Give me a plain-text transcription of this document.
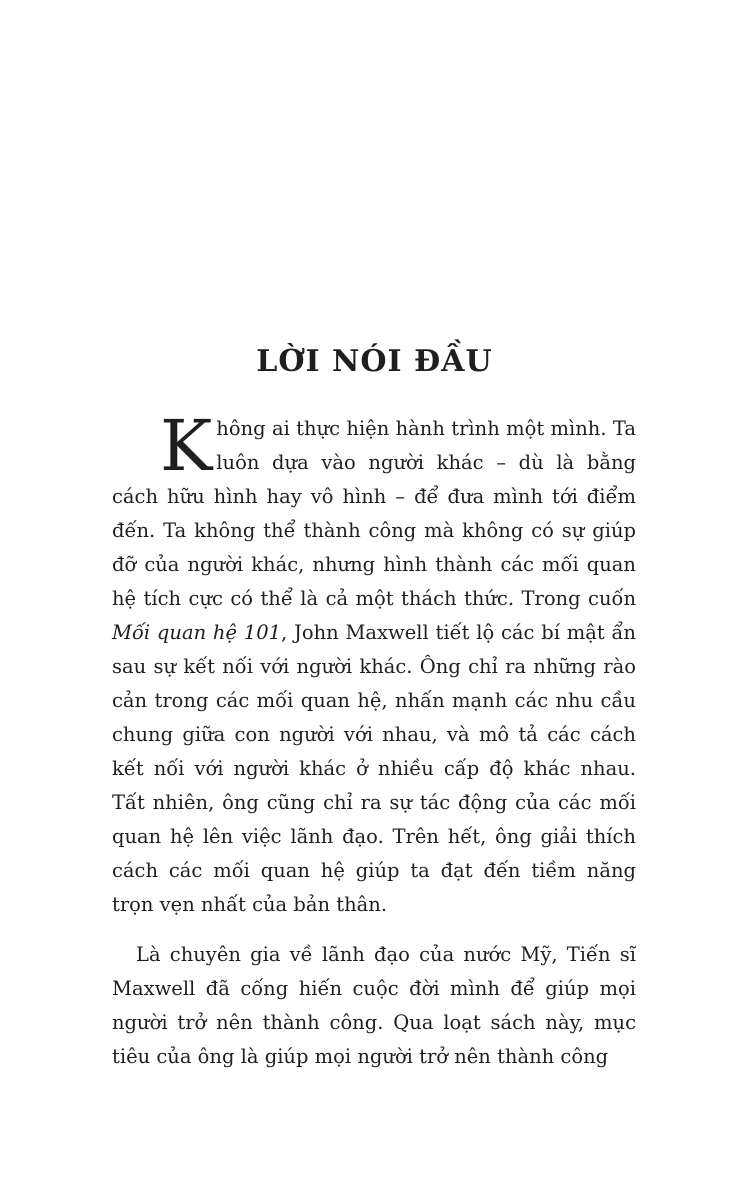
LỜI NÓI ĐẦU

Không ai thực hiện hành trình một mình. Ta luôn dựa vào người khác – dù là bằng cách hữu hình hay vô hình – để đưa mình tới điểm đến. Ta không thể thành công mà không có sự giúp đỡ của người khác, nhưng hình thành các mối quan hệ tích cực có thể là cả một thách thức. Trong cuốn Mối quan hệ 101, John Maxwell tiết lộ các bí mật ẩn sau sự kết nối với người khác. Ông chỉ ra những rào cản trong các mối quan hệ, nhấn mạnh các nhu cầu chung giữa con người với nhau, và mô tả các cách kết nối với người khác ở nhiều cấp độ khác nhau. Tất nhiên, ông cũng chỉ ra sự tác động của các mối quan hệ lên việc lãnh đạo. Trên hết, ông giải thích cách các mối quan hệ giúp ta đạt đến tiềm năng trọn vẹn nhất của bản thân.

Là chuyên gia về lãnh đạo của nước Mỹ, Tiến sĩ Maxwell đã cống hiến cuộc đời mình để giúp mọi người trở nên thành công. Qua loạt sách này, mục tiêu của ông là giúp mọi người trở nên thành công
